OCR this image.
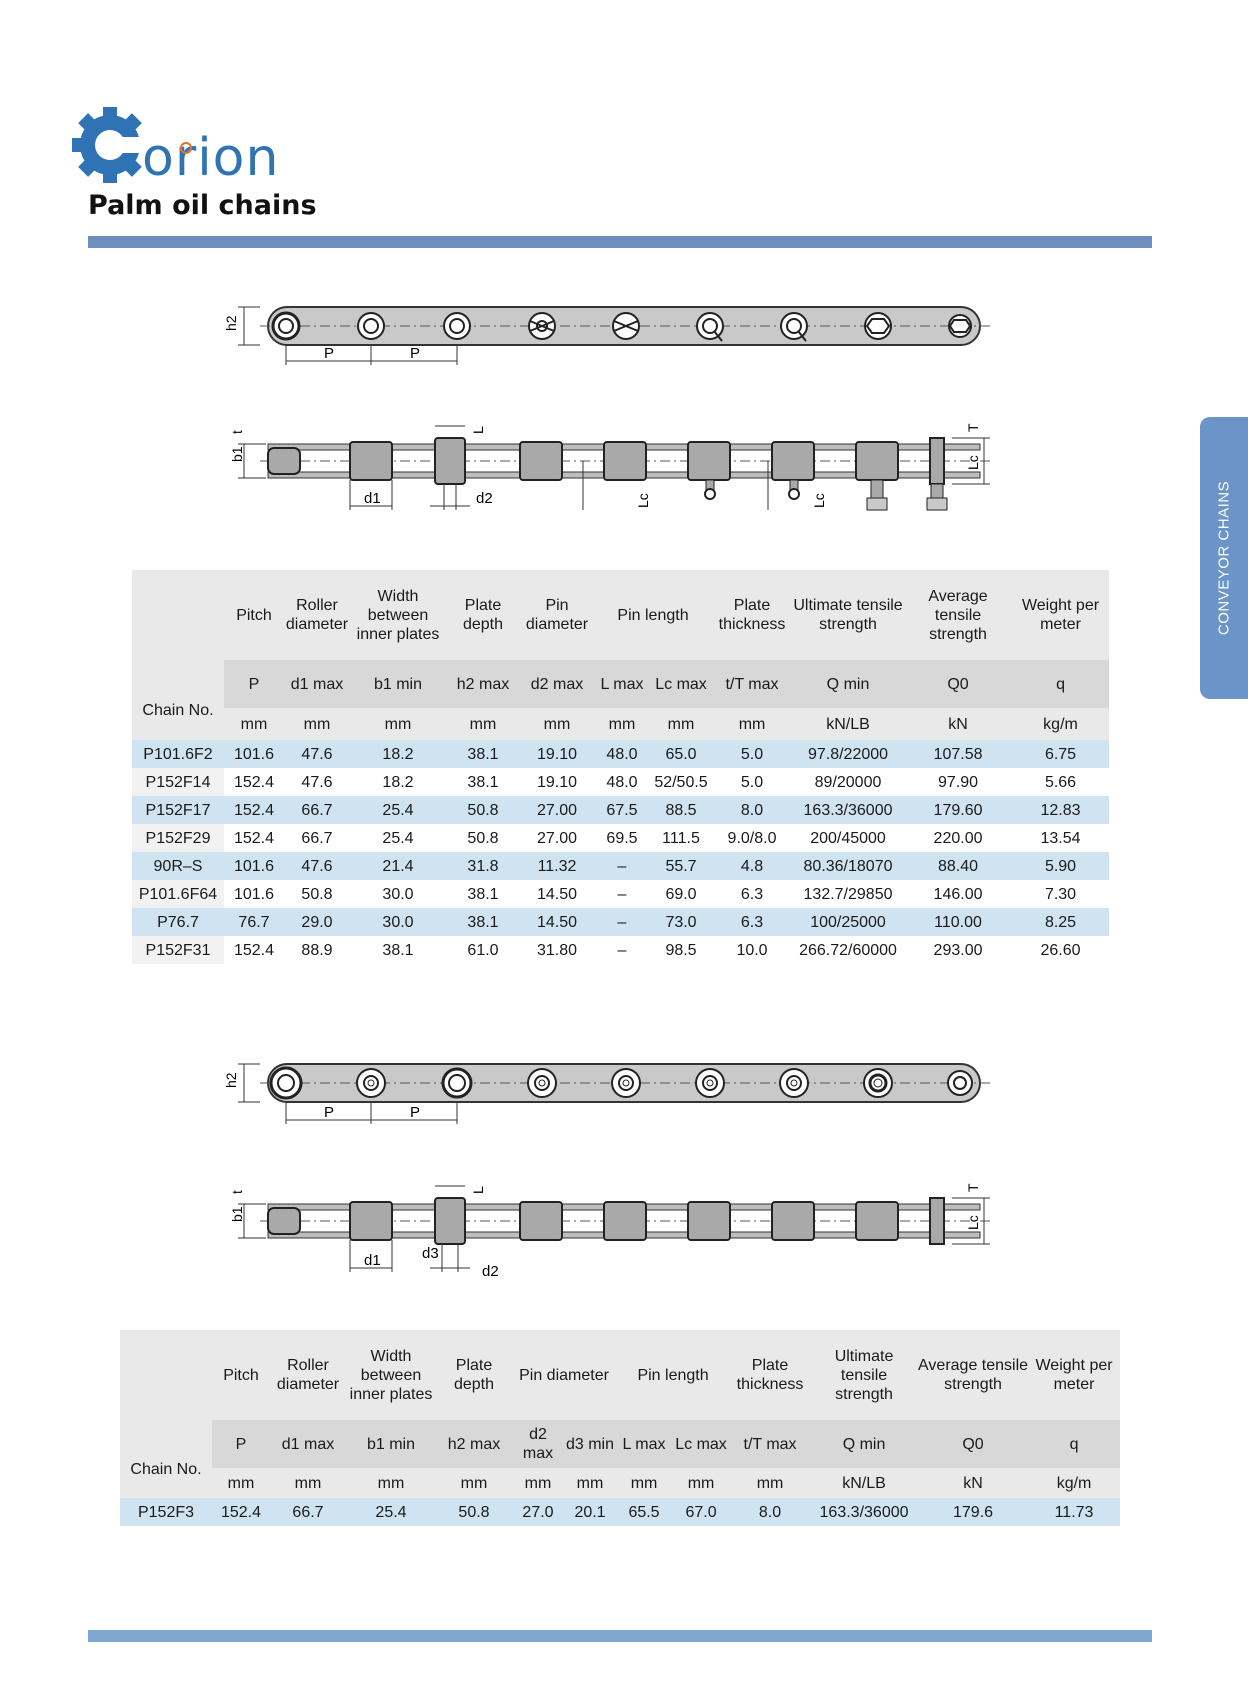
orion
Palm oil chains
CONVEYOR CHAINS
h2
P	P
b1
t
d1	d2
L
Lc	Lc
Lc
T
Chain No.	Pitch	Roller diameter	Width between inner plates	Plate depth	Pin diameter	Pin length		Plate thickness	Ultimate tensile strength	Average tensile strength	Weight per meter
	P	d1 max	b1 min	h2 max	d2 max	L max	Lc max	t/T max	Q min	Q0	q
	mm	mm	mm	mm	mm	mm	mm	mm	kN/LB	kN	kg/m
P101.6F2	101.6	47.6	18.2	38.1	19.10	48.0	65.0	5.0	97.8/22000	107.58	6.75
P152F14	152.4	47.6	18.2	38.1	19.10	48.0	52/50.5	5.0	89/20000	97.90	5.66
P152F17	152.4	66.7	25.4	50.8	27.00	67.5	88.5	8.0	163.3/36000	179.60	12.83
P152F29	152.4	66.7	25.4	50.8	27.00	69.5	111.5	9.0/8.0	200/45000	220.00	13.54
90R–S	101.6	47.6	21.4	31.8	11.32	–	55.7	4.8	80.36/18070	88.40	5.90
P101.6F64	101.6	50.8	30.0	38.1	14.50	–	69.0	6.3	132.7/29850	146.00	7.30
P76.7	76.7	29.0	30.0	38.1	14.50	–	73.0	6.3	100/25000	110.00	8.25
P152F31	152.4	88.9	38.1	61.0	31.80	–	98.5	10.0	266.72/60000	293.00	26.60
h2
P	P
b1
t
d1	d3
d2
L
Lc
T
Chain No.	Pitch	Roller diameter	Width between inner plates	Plate depth	Pin diameter		Pin length		Plate thickness	Ultimate tensile strength	Average tensile strength	Weight per meter
	P	d1 max	b1 min	h2 max	d2 max	d3 min	L max	Lc max	t/T max	Q min	Q0	q
	mm	mm	mm	mm	mm	mm	mm	mm	mm	kN/LB	kN	kg/m
P152F3	152.4	66.7	25.4	50.8	27.0	20.1	65.5	67.0	8.0	163.3/36000	179.6	11.73
